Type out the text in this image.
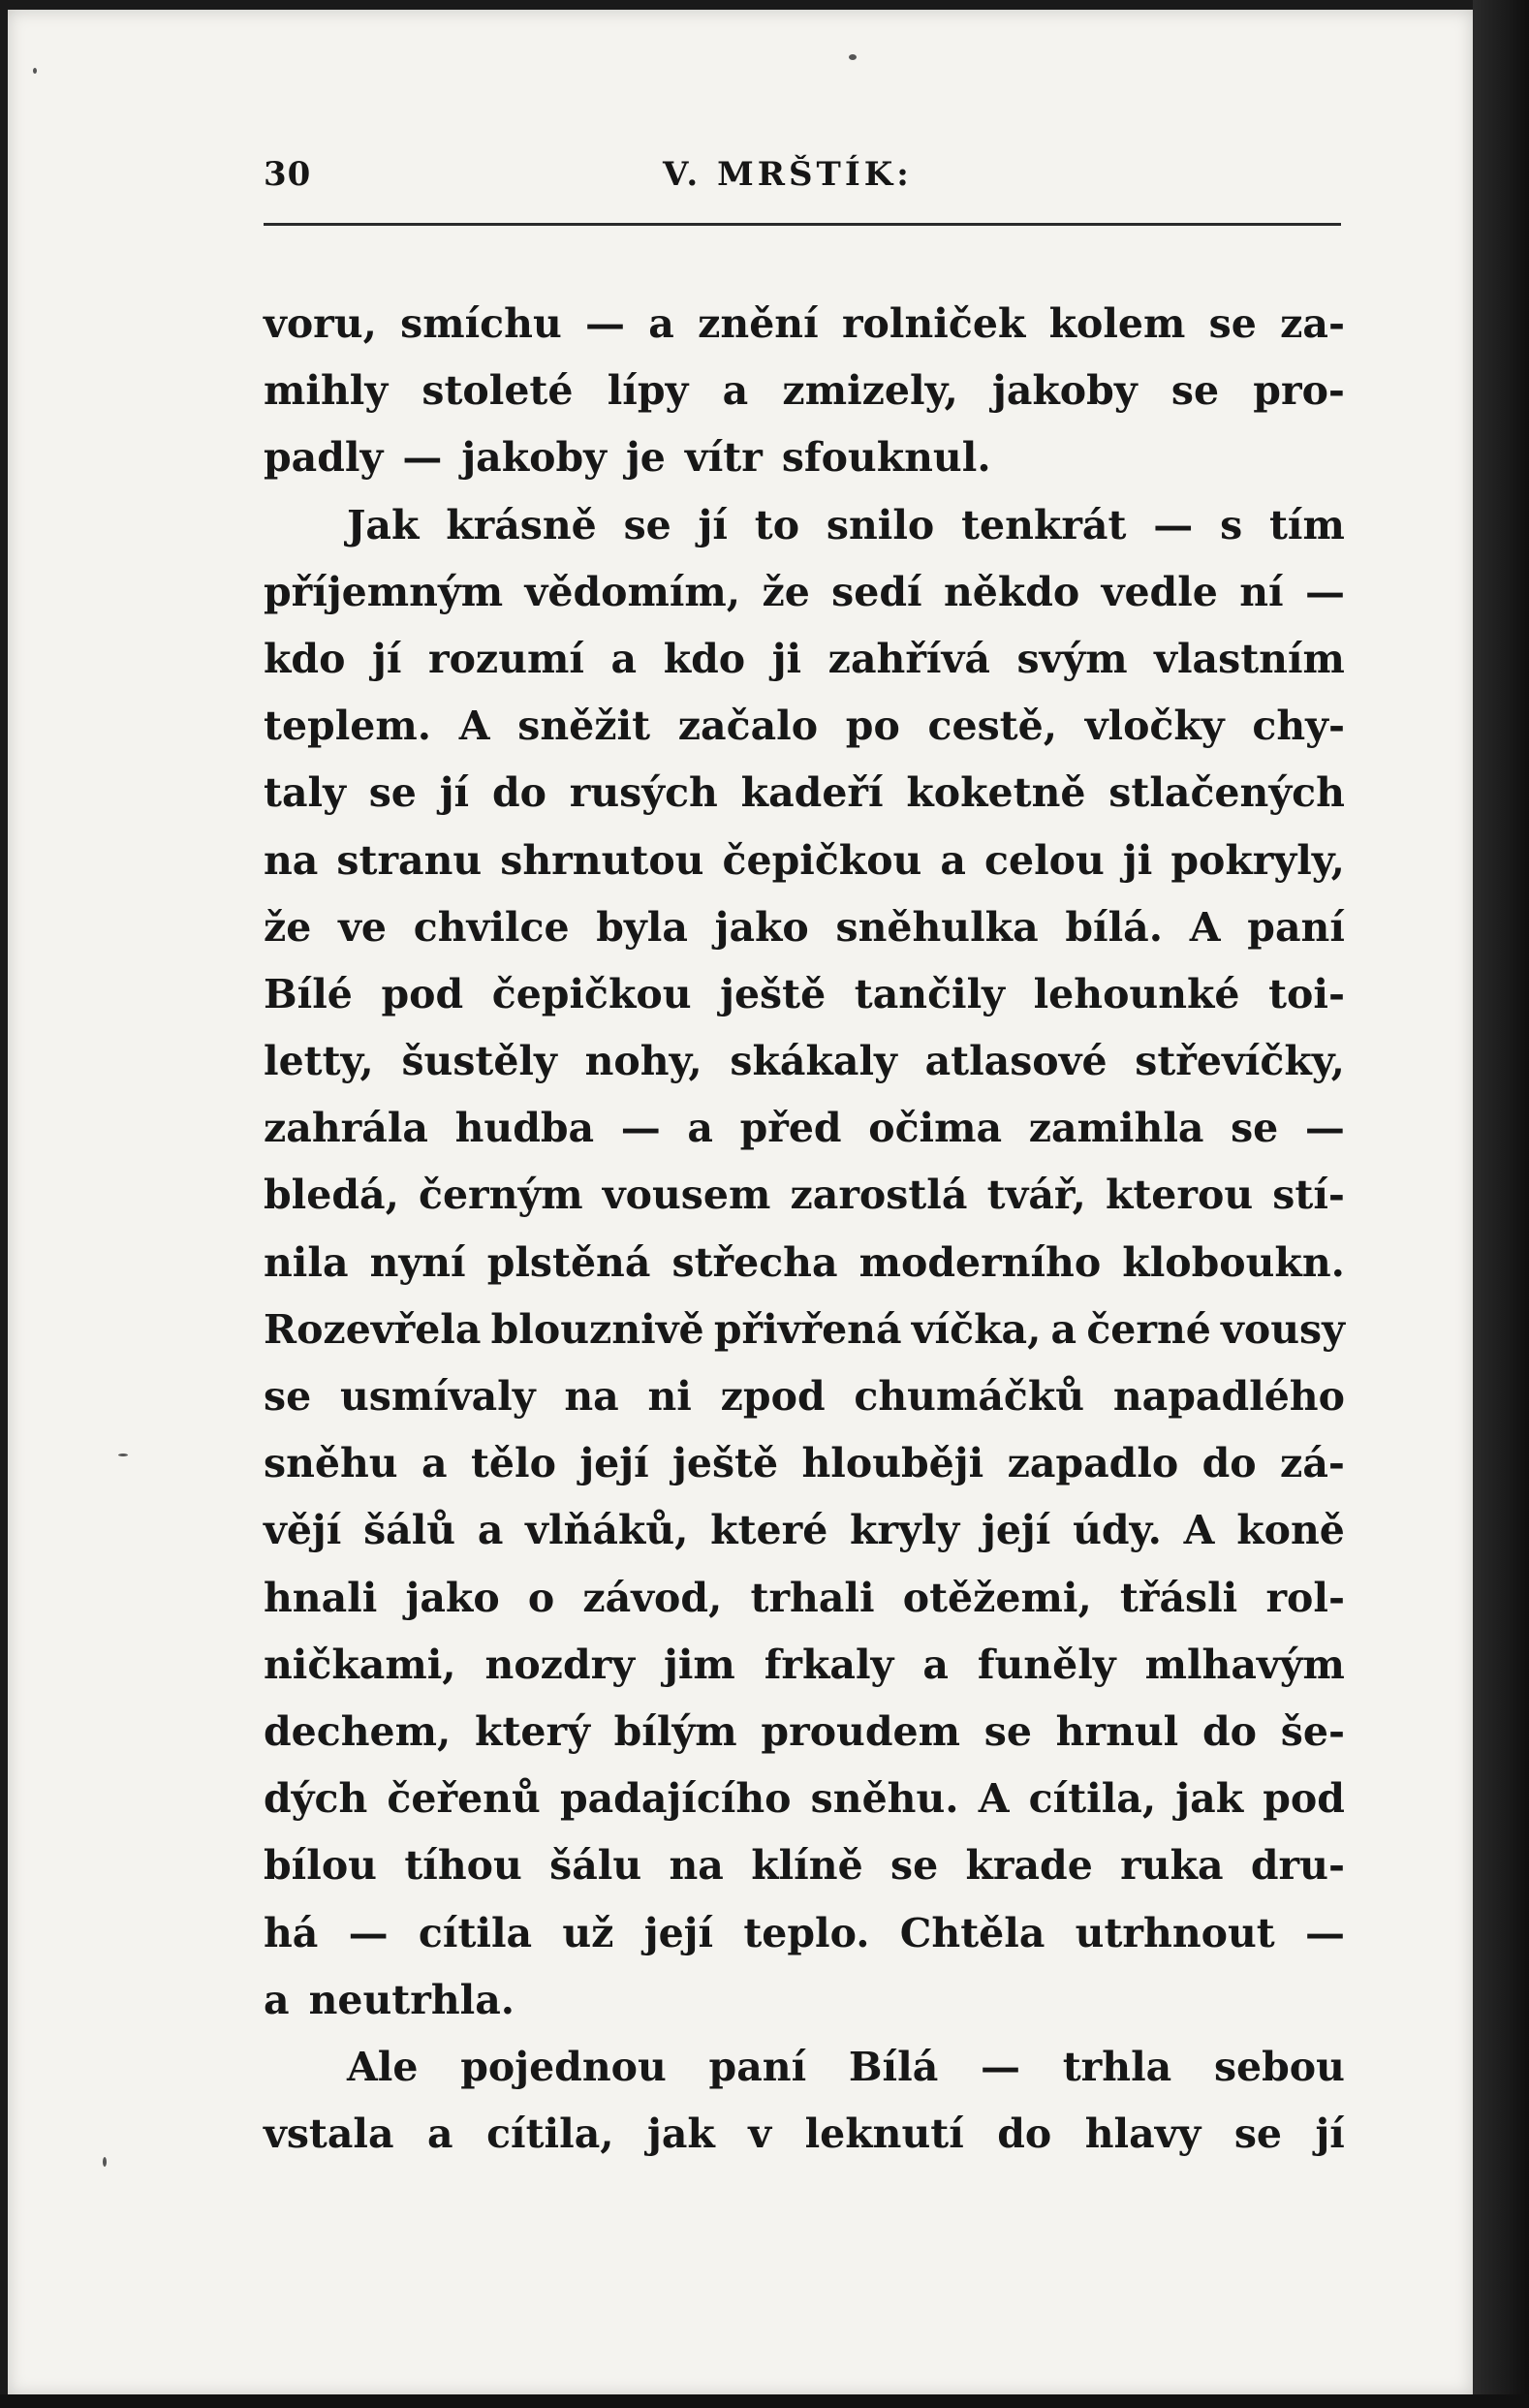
30	V. MRŠTÍK:
voru, smíchu — a znění rolniček kolem se za-
mihly stoleté lípy a zmizely, jakoby se pro-
padly — jakoby je vítr sfouknul.
Jak krásně se jí to snilo tenkrát — s tím
příjemným vědomím, že sedí někdo vedle ní —
kdo jí rozumí a kdo ji zahřívá svým vlastním
teplem. A sněžit začalo po cestě, vločky chy-
taly se jí do rusých kadeří koketně stlačených
na stranu shrnutou čepičkou a celou ji pokryly,
že ve chvilce byla jako sněhulka bílá. A paní
Bílé pod čepičkou ještě tančily lehounké toi-
letty, šustěly nohy, skákaly atlasové střevíčky,
zahrála hudba — a před očima zamihla se —
bledá, černým vousem zarostlá tvář, kterou stí-
nila nyní plstěná střecha moderního kloboukn.
Rozevřela blouznivě přivřená víčka, a černé vousy
se usmívaly na ni zpod chumáčků napadlého
sněhu a tělo její ještě hlouběji zapadlo do zá-
vějí šálů a vlňáků, které kryly její údy. A koně
hnali jako o závod, trhali otěžemi, třásli rol-
ničkami, nozdry jim frkaly a funěly mlhavým
dechem, který bílým proudem se hrnul do še-
dých čeřenů padajícího sněhu. A cítila, jak pod
bílou tíhou šálu na klíně se krade ruka dru-
há — cítila už její teplo. Chtěla utrhnout —
a neutrhla.
Ale pojednou paní Bílá — trhla sebou
vstala a cítila, jak v leknutí do hlavy se jí
